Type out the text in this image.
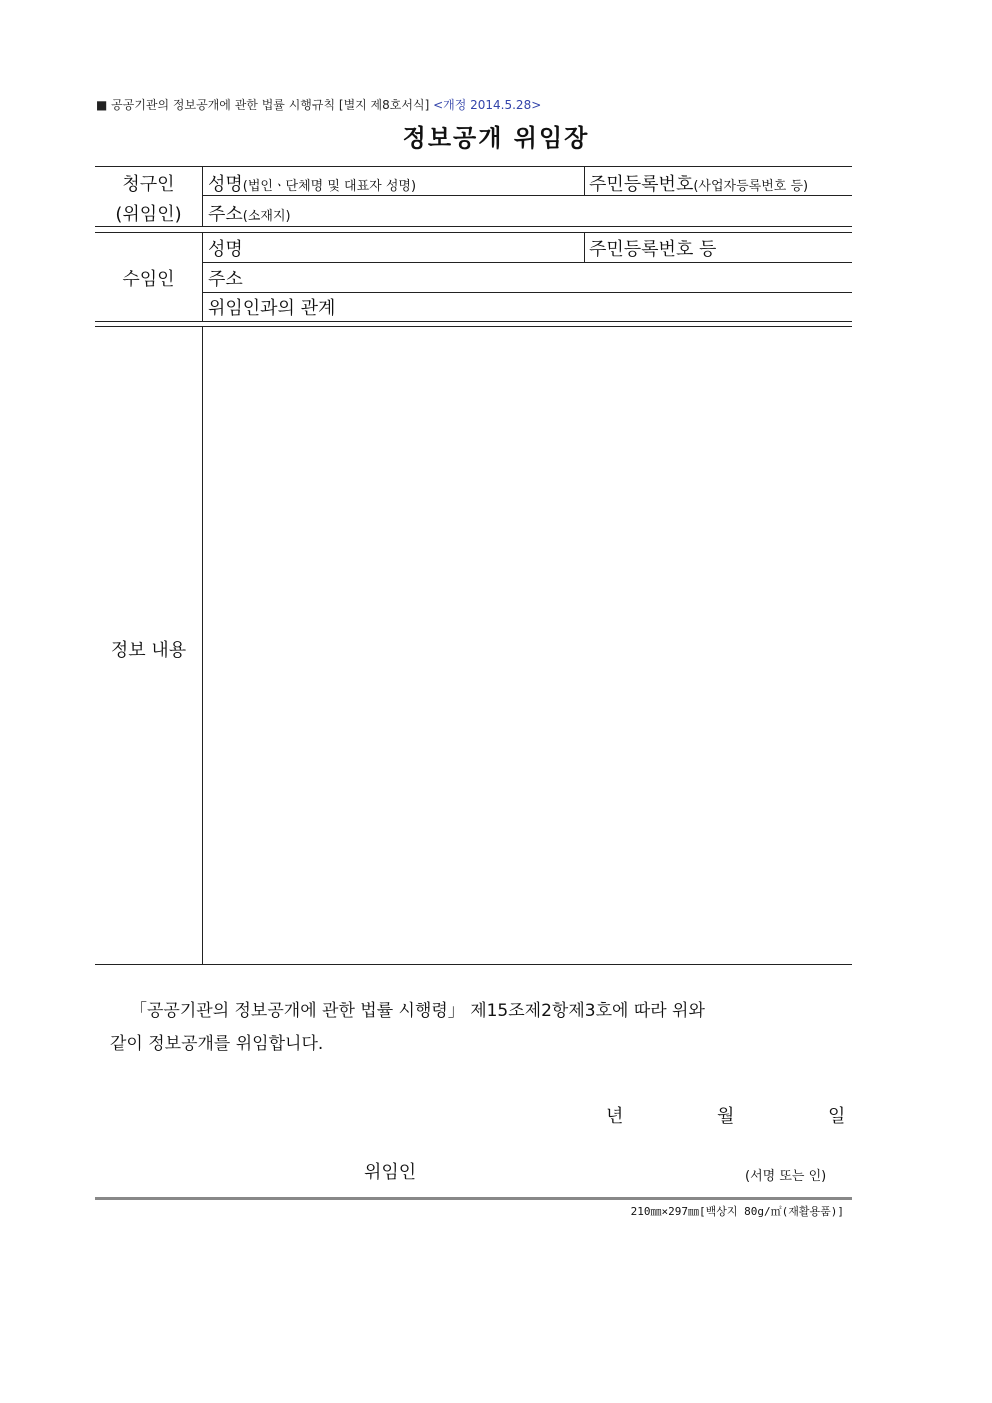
■ 공공기관의 정보공개에 관한 법률 시행규칙 [별지 제8호서식] <개정 2014.5.28>
정보공개 위임장
청구인
(위임인)
성명(법인ㆍ단체명 및 대표자 성명)	주민등록번호(사업자등록번호 등)
주소(소재지)
수임인
성명	주민등록번호 등
주소
위임인과의 관계
정보 내용
「공공기관의 정보공개에 관한 법률 시행령」 제15조제2항제3호에 따라 위와
같이 정보공개를 위임합니다.
년	월	일
위임인	(서명 또는 인)
210㎜×297㎜[백상지 80g/㎡(재활용품)]
